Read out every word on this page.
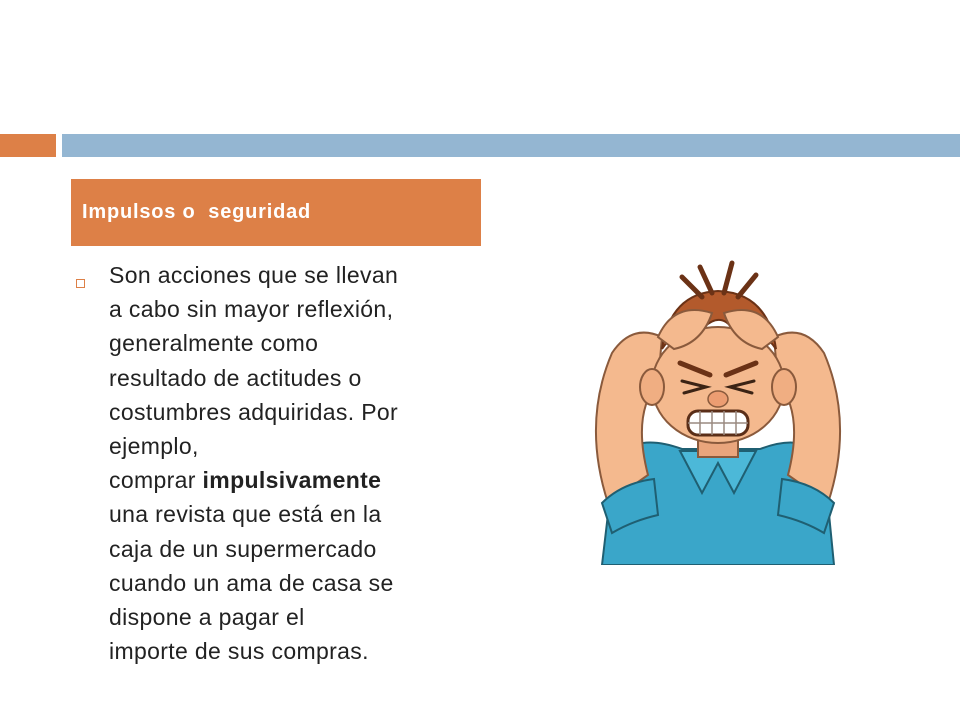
Impulsos o  seguridad
Son acciones que se llevan
a cabo sin mayor reflexión,
generalmente como
resultado de actitudes o
costumbres adquiridas. Por
ejemplo,
comprar impulsivamente
una revista que está en la
caja de un supermercado
cuando un ama de casa se
dispone a pagar el
importe de sus compras.
